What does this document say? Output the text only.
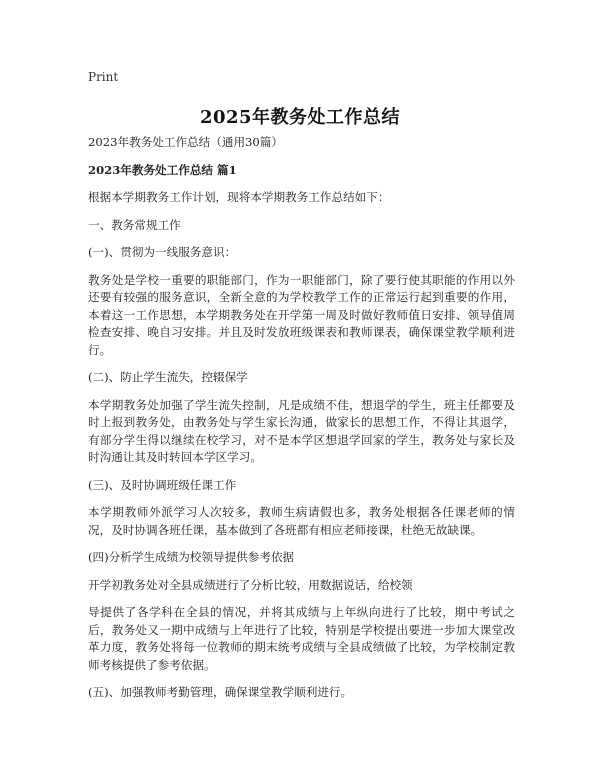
Print
2025年教务处工作总结

2023年教务处工作总结（通用30篇）

2023年教务处工作总结 篇1

根据本学期教务工作计划，现将本学期教务工作总结如下：

一、教务常规工作

(一)、贯彻为一线服务意识：

教务处是学校一重要的职能部门，作为一职能部门，除了要行使其职能的作用以外还要有较强的服务意识，全新全意的为学校教学工作的正常运行起到重要的作用，本着这一工作思想，本学期教务处在开学第一周及时做好教师值日安排、领导值周检查安排、晚自习安排。并且及时发放班级课表和教师课表，确保课堂教学顺利进行。

(二)、防止学生流失，控辍保学

本学期教务处加强了学生流失控制，凡是成绩不佳，想退学的学生，班主任都要及时上报到教务处，由教务处与学生家长沟通，做家长的思想工作，不得让其退学，有部分学生得以继续在校学习，对不是本学区想退学回家的学生，教务处与家长及时沟通让其及时转回本学区学习。

(三)、及时协调班级任课工作

本学期教师外派学习人次较多，教师生病请假也多，教务处根据各任课老师的情况，及时协调各班任课，基本做到了各班都有相应老师接课，杜绝无故缺课。

(四)分析学生成绩为校领导提供参考依据

开学初教务处对全县成绩进行了分析比较，用数据说话，给校领

导提供了各学科在全县的情况，并将其成绩与上年纵向进行了比较，期中考试之后，教务处又一期中成绩与上年进行了比较，特别是学校提出要进一步加大课堂改革力度，教务处将每一位教师的期末统考成绩与全县成绩做了比较，为学校制定教师考核提供了参考依据。

(五)、加强教师考勤管理，确保课堂教学顺利进行。
